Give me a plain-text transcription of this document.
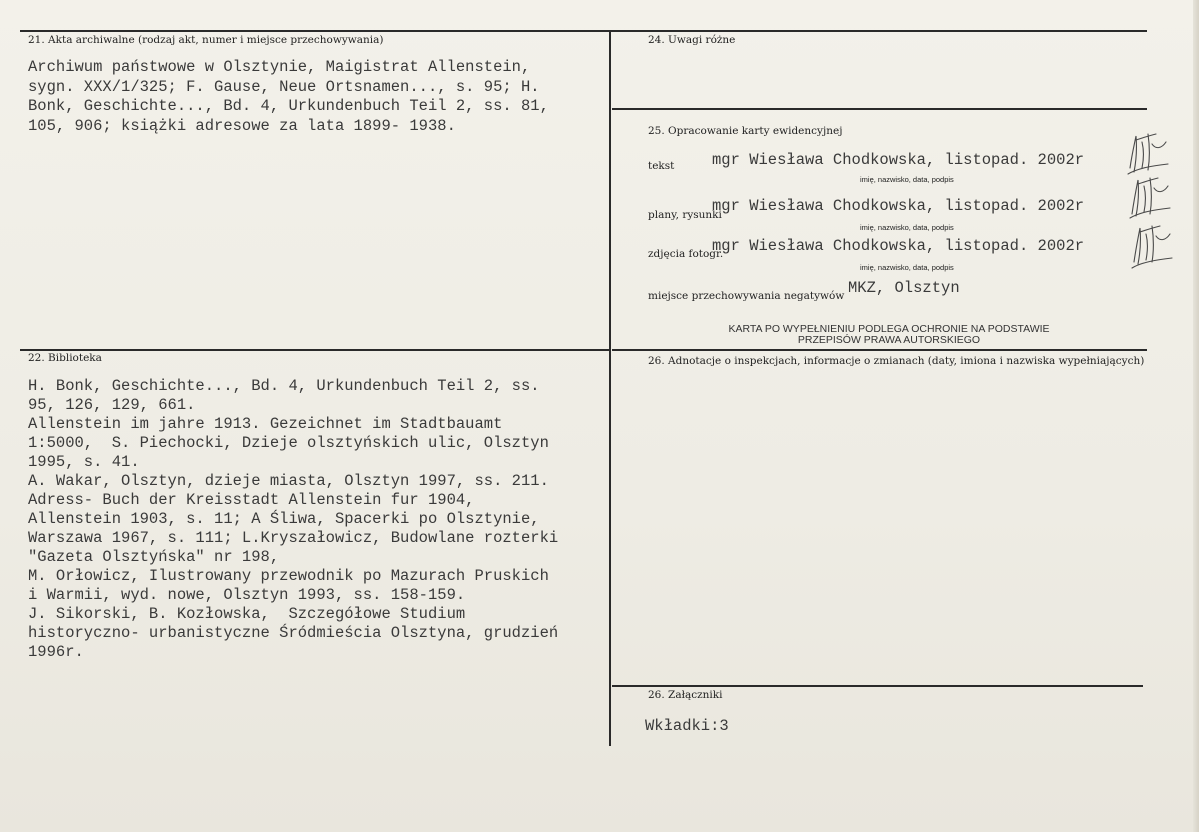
21. Akta archiwalne (rodzaj akt, numer i miejsce przechowywania)
Archiwum państwowe w Olsztynie, Maigistrat Allenstein,
sygn. XXX/1/325; F. Gause, Neue Ortsnamen..., s. 95; H.
Bonk, Geschichte..., Bd. 4, Urkundenbuch Teil 2, ss. 81,
105, 906; książki adresowe za lata 1899- 1938.
22. Biblioteka
H. Bonk, Geschichte..., Bd. 4, Urkundenbuch Teil 2, ss.
95, 126, 129, 661.
Allenstein im jahre 1913. Gezeichnet im Stadtbauamt
1:5000,  S. Piechocki, Dzieje olsztyńskich ulic, Olsztyn
1995, s. 41.
A. Wakar, Olsztyn, dzieje miasta, Olsztyn 1997, ss. 211.
Adress- Buch der Kreisstadt Allenstein fur 1904,
Allenstein 1903, s. 11; A Śliwa, Spacerki po Olsztynie,
Warszawa 1967, s. 111; L.Kryszałowicz, Budowlane rozterki
"Gazeta Olsztyńska" nr 198,
M. Orłowicz, Ilustrowany przewodnik po Mazurach Pruskich
i Warmii, wyd. nowe, Olsztyn 1993, ss. 158-159.
J. Sikorski, B. Kozłowska,  Szczegółowe Studium
historyczno- urbanistyczne Śródmieścia Olsztyna, grudzień
1996r.
24. Uwagi różne
25. Opracowanie karty ewidencyjnej
tekst mgr Wiesława Chodkowska, listopad. 2002r
imię, nazwisko, data, podpis
plany, rysunki
mgr Wiesława Chodkowska, listopad. 2002r
imię, nazwisko, data, podpis
zdjęcia fotogr.
mgr Wiesława Chodkowska, listopad. 2002r
imię, nazwisko, data, podpis
miejsce przechowywania negatywów MKZ, Olsztyn
KARTA PO WYPEŁNIENIU PODLEGA OCHRONIE NA PODSTAWIE
PRZEPISÓW PRAWA AUTORSKIEGO
26. Adnotacje o inspekcjach, informacje o zmianach (daty, imiona i nazwiska wypełniających)
26. Załączniki
Wkładki:3
